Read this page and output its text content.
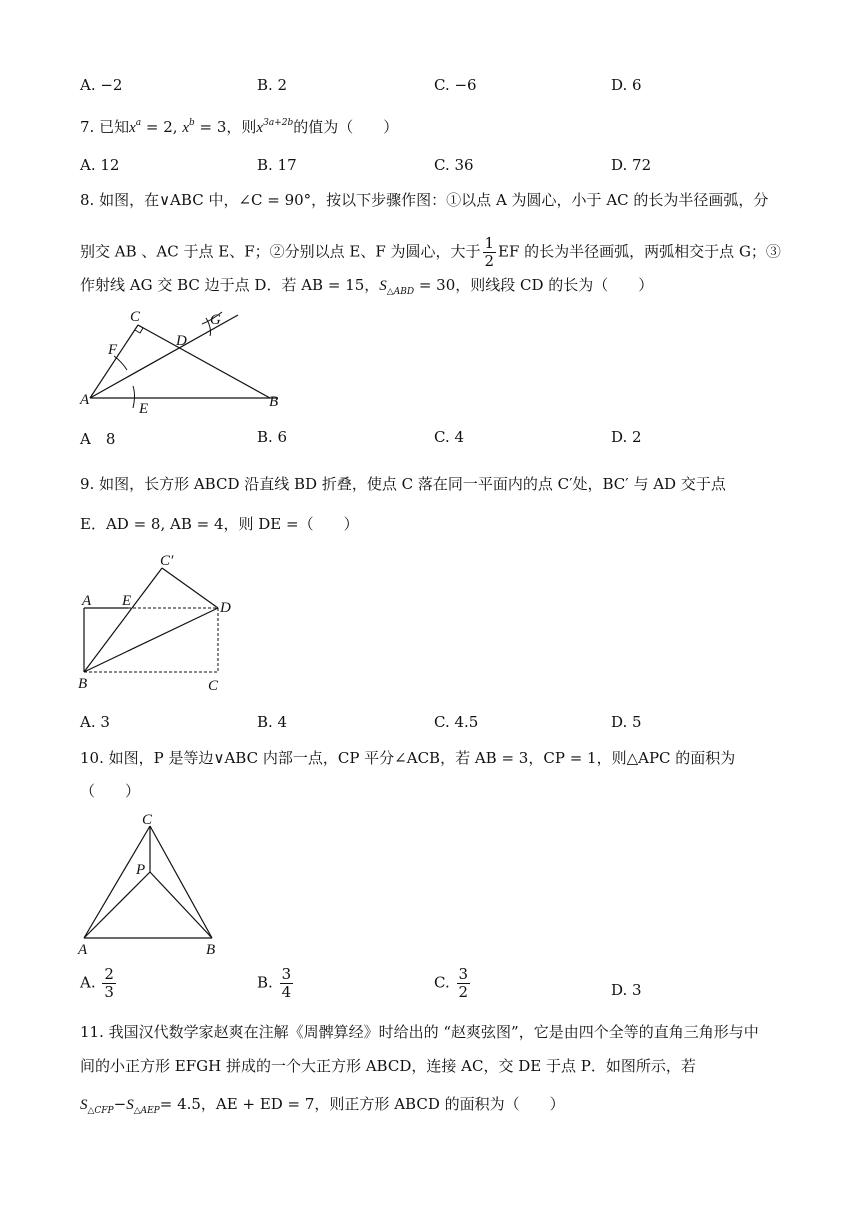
A. −2	B. 2	C. −6	D. 6
7. 已知$x^a = 2$, $x^b = 3$，则$x^{3a+2b}$的值为（　　）
A. 12	B. 17	C. 36	D. 72
8. 如图，在∨ABC 中，∠C = 90°，按以下步骤作图：①以点 A 为圆心，小于 AC 的长为半径画弧，分
别交 AB 、AC 于点 E、F；②分别以点 E、F 为圆心，大于 $\frac{1}{2}$ EF 的长为半径画弧，两弧相交于点 G；③
作射线 AG 交 BC 边于点 D．若 AB = 15，$S_{\triangle ABD} = 30$，则线段 CD 的长为（　　）
C
D
G
F
A
E	B
A　8	B. 6	C. 4	D. 2
9. 如图，长方形 ABCD 沿直线 BD 折叠，使点 C 落在同一平面内的点 C′处，BC′ 与 AD 交于点
E．AD = 8, AB = 4，则 DE =（　　）
C′
A E	D
B	C
A. 3	B. 4	C. 4.5	D. 5
10. 如图，P 是等边∨ABC 内部一点，CP 平分∠ACB，若 AB = 3，CP = 1，则△APC 的面积为
（　　）
C
P
A	B
A. $\frac{2}{3}$	B. $\frac{3}{4}$	C. $\frac{3}{2}$	D. 3
11. 我国汉代数学家赵爽在注解《周髀算经》时给出的 “赵爽弦图”，它是由四个全等的直角三角形与中
间的小正方形 EFGH 拼成的一个大正方形 ABCD，连接 AC，交 DE 于点 P．如图所示，若
$S_{\triangle CFP}-S_{\triangle AEP}= 4.5$，AE + ED = 7，则正方形 ABCD 的面积为（　　）
